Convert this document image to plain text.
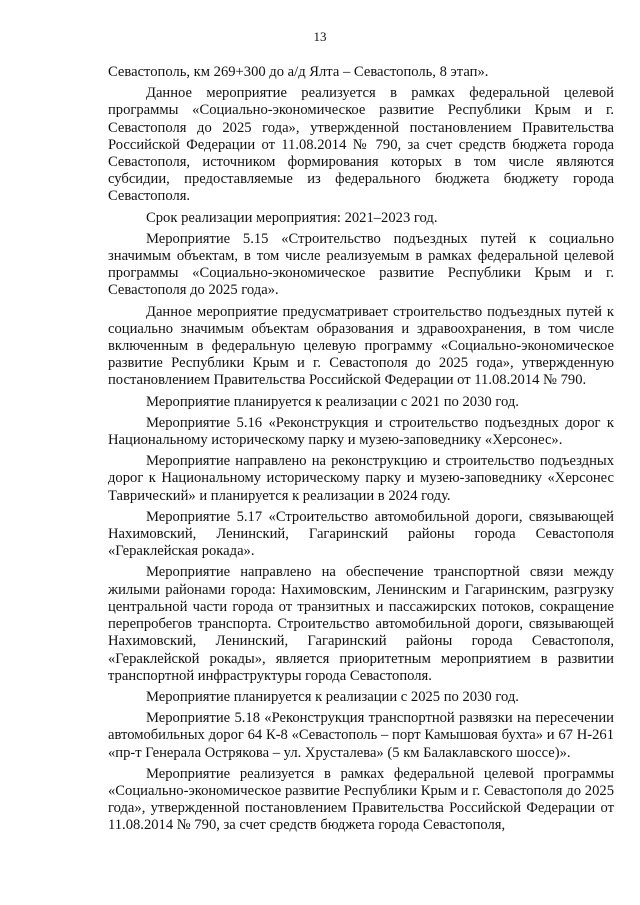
13

Севастополь, км 269+300 до а/д Ялта – Севастополь, 8 этап».

Данное мероприятие реализуется в рамках федеральной целевой программы «Социально-экономическое развитие Республики Крым и г. Севастополя до 2025 года», утвержденной постановлением Правительства Российской Федерации от 11.08.2014 № 790, за счет средств бюджета города Севастополя, источником формирования которых в том числе являются субсидии, предоставляемые из федерального бюджета бюджету города Севастополя.

Срок реализации мероприятия: 2021–2023 год.

Мероприятие 5.15 «Строительство подъездных путей к социально значимым объектам, в том числе реализуемым в рамках федеральной целевой программы «Социально-экономическое развитие Республики Крым и г. Севастополя до 2025 года».

Данное мероприятие предусматривает строительство подъездных путей к социально значимым объектам образования и здравоохранения, в том числе включенным в федеральную целевую программу «Социально-экономическое развитие Республики Крым и г. Севастополя до 2025 года», утвержденную постановлением Правительства Российской Федерации от 11.08.2014 № 790.

Мероприятие планируется к реализации с 2021 по 2030 год.

Мероприятие 5.16 «Реконструкция и строительство подъездных дорог к Национальному историческому парку и музею-заповеднику «Херсонес».

Мероприятие направлено на реконструкцию и строительство подъездных дорог к Национальному историческому парку и музею-заповеднику «Херсонес Таврический» и планируется к реализации в 2024 году.

Мероприятие 5.17 «Строительство автомобильной дороги, связывающей Нахимовский, Ленинский, Гагаринский районы города Севастополя «Гераклейская рокада».

Мероприятие направлено на обеспечение транспортной связи между жилыми районами города: Нахимовским, Ленинским и Гагаринским, разгрузку центральной части города от транзитных и пассажирских потоков, сокращение перепробегов транспорта. Строительство автомобильной дороги, связывающей Нахимовский, Ленинский, Гагаринский районы города Севастополя, «Гераклейской рокады», является приоритетным мероприятием в развитии транспортной инфраструктуры города Севастополя.

Мероприятие планируется к реализации с 2025 по 2030 год.

Мероприятие 5.18 «Реконструкция транспортной развязки на пересечении автомобильных дорог 64 К-8 «Севастополь – порт Камышовая бухта» и 67 Н-261 «пр-т Генерала Острякова – ул. Хрусталева» (5 км Балаклавского шоссе)».

Мероприятие реализуется в рамках федеральной целевой программы «Социально-экономическое развитие Республики Крым и г. Севастополя до 2025 года», утвержденной постановлением Правительства Российской Федерации от 11.08.2014 № 790, за счет средств бюджета города Севастополя,
